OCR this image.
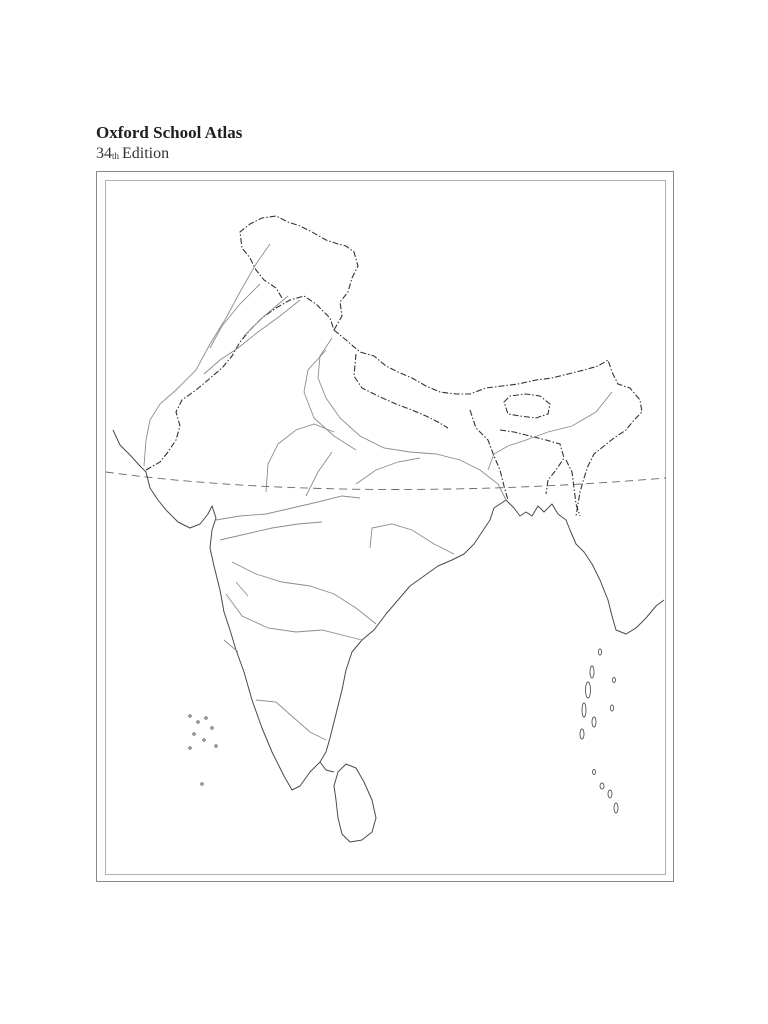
Oxford School Atlas
34th Edition
